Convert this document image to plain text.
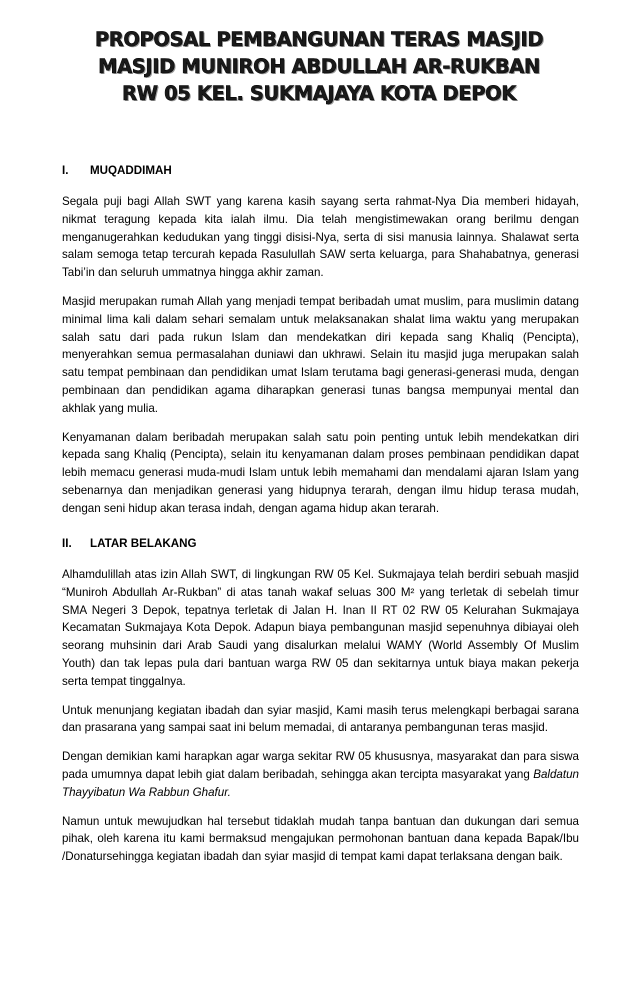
PROPOSAL PEMBANGUNAN TERAS MASJID
MASJID MUNIROH ABDULLAH AR-RUKBAN
RW 05 KEL. SUKMAJAYA KOTA DEPOK
I.	MUQADDIMAH

Segala puji bagi Allah SWT yang karena kasih sayang serta rahmat-Nya Dia memberi hidayah, nikmat teragung kepada kita ialah ilmu. Dia telah mengistimewakan orang berilmu dengan menganugerahkan kedudukan yang tinggi disisi-Nya, serta di sisi manusia lainnya. Shalawat serta salam semoga tetap tercurah kepada Rasulullah SAW serta keluarga, para Shahabatnya, generasi Tabi’in dan seluruh ummatnya hingga akhir zaman.

Masjid merupakan rumah Allah yang menjadi tempat beribadah umat muslim, para muslimin datang minimal lima kali dalam sehari semalam untuk melaksanakan shalat lima waktu yang merupakan salah satu dari pada rukun Islam dan mendekatkan diri kepada sang Khaliq (Pencipta), menyerahkan semua permasalahan duniawi dan ukhrawi. Selain itu masjid juga merupakan salah satu tempat pembinaan dan pendidikan umat Islam terutama bagi generasi-generasi muda, dengan pembinaan dan pendidikan agama diharapkan generasi tunas bangsa mempunyai mental dan akhlak yang mulia.

Kenyamanan dalam beribadah merupakan salah satu poin penting untuk lebih mendekatkan diri kepada sang Khaliq (Pencipta), selain itu kenyamanan dalam proses pembinaan pendidikan dapat lebih memacu generasi muda-mudi Islam untuk lebih memahami dan mendalami ajaran Islam yang sebenarnya dan menjadikan generasi yang hidupnya terarah, dengan ilmu hidup terasa mudah, dengan seni hidup akan terasa indah, dengan agama hidup akan terarah.

II.	LATAR BELAKANG

Alhamdulillah atas izin Allah SWT, di lingkungan RW 05 Kel. Sukmajaya telah berdiri sebuah masjid “Muniroh Abdullah Ar-Rukban” di atas tanah wakaf seluas 300 M² yang terletak di sebelah timur SMA Negeri 3 Depok, tepatnya terletak di Jalan H. Inan II RT 02 RW 05 Kelurahan Sukmajaya Kecamatan Sukmajaya Kota Depok. Adapun biaya pembangunan masjid sepenuhnya dibiayai oleh seorang muhsinin dari Arab Saudi yang disalurkan melalui WAMY (World Assembly Of Muslim Youth) dan tak lepas pula dari bantuan warga RW 05 dan sekitarnya untuk biaya makan pekerja serta tempat tinggalnya.

Untuk menunjang kegiatan ibadah dan syiar masjid, Kami masih terus melengkapi berbagai sarana dan prasarana yang sampai saat ini belum memadai, di antaranya pembangunan teras masjid.

Dengan demikian kami harapkan agar warga sekitar RW 05 khususnya, masyarakat dan para siswa pada umumnya dapat lebih giat dalam beribadah, sehingga akan tercipta masyarakat yang Baldatun Thayyibatun Wa Rabbun Ghafur.

Namun untuk mewujudkan hal tersebut tidaklah mudah tanpa bantuan dan dukungan dari semua pihak, oleh karena itu kami bermaksud mengajukan permohonan bantuan dana kepada Bapak/Ibu /Donatursehingga kegiatan ibadah dan syiar masjid di tempat kami dapat terlaksana dengan baik.
